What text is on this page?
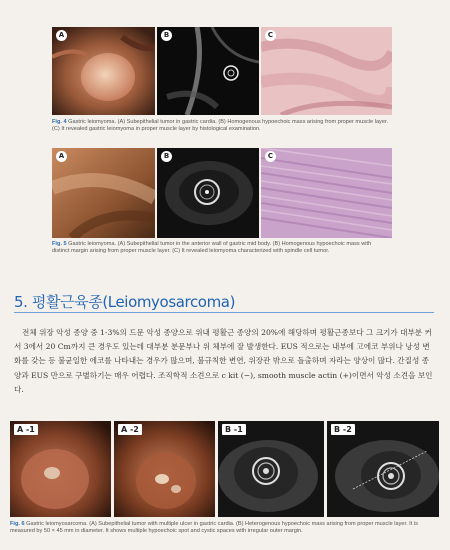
A	B	C
Fig. 4 Gastric leiomyoma. (A) Subepithelial tumor in gastric cardia. (B) Homogenous hypoechoic mass arising from proper muscle layer. (C) It revealed gastric leiomyoma in proper muscle layer by histological examination.
A	B	C
Fig. 5 Gastric leiomyoma. (A) Subepithelial tumor in the anterior wall of gastric mid body. (B) Homogenous hypoechoic mass with distinct margin arising from proper muscle layer. (C) It revealed leiomyoma characterized with spindle cell tumor.
5. 평활근육종(Leiomyosarcoma)

전체 위장 악성 종양 중 1-3%의 드문 악성 종양으로 위내 평활근 종양의 20%에 해당하며 평활근종보다 그 크기가 대부분 커서 3에서 20 Cm까지 큰 경우도 있는데 대부분 분문부나 위 체부에 잘 발생한다. EUS 적으로는 내부에 고에코 부위나 낭성 변화를 갖는 등 불균일한 에코를 나타내는 경우가 많으며, 불규칙한 변연, 위장관 밖으로 돌출하며 자라는 양상이 많다. 간질성 종양과 EUS 만으로 구별하기는 매우 어렵다. 조직학적 소견으로 c kit (−), smooth muscle actin (+)이면서 악성 소견을 보인다.

A -1	A -2	B -1	B -2
Fig. 6 Gastric leiomyosarcoma. (A) Subepithelial tumor with multiple ulcer in gastric cardia. (B) Heterogenous hypoechoic mass arising from proper muscle layer. It is measured by 50 × 45 mm in diameter. It shows multiple hypoechoic spot and cystic spaces with irregular outer margin.
